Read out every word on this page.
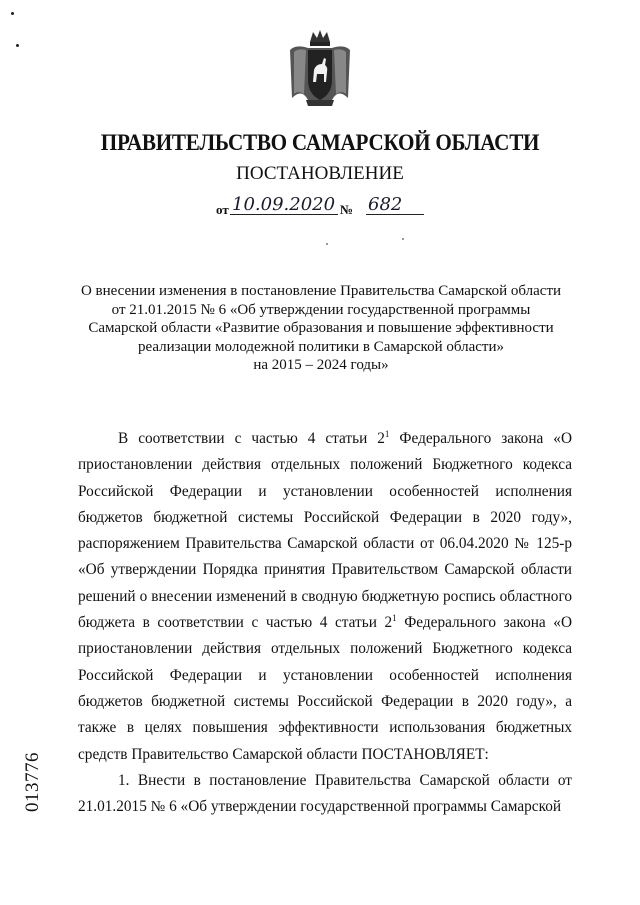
ПРАВИТЕЛЬСТВО САМАРСКОЙ ОБЛАСТИ
ПОСТАНОВЛЕНИЕ
от 10.09.2020 № 682
О внесении изменения в постановление Правительства Самарской области
от 21.01.2015 № 6 «Об утверждении государственной программы
Самарской области «Развитие образования и повышение эффективности
реализации молодежной политики в Самарской области»
на 2015 – 2024 годы»

В соответствии с частью 4 статьи $2^1$ Федерального закона «О приостановлении действия отдельных положений Бюджетного кодекса Российской Федерации и установлении особенностей исполнения бюджетов бюджетной системы Российской Федерации в 2020 году», распоряжением Правительства Самарской области от 06.04.2020 № 125-р «Об утверждении Порядка принятия Правительством Самарской области решений о внесении изменений в сводную бюджетную роспись областного бюджета в соответствии с частью 4 статьи $2^1$ Федерального закона «О приостановлении действия отдельных положений Бюджетного кодекса Российской Федерации и установлении особенностей исполнения бюджетов бюджетной системы Российской Федерации в 2020 году», а также в целях повышения эффективности использования бюджетных средств Правительство Самарской области ПОСТАНОВЛЯЕТ:

1. Внести в постановление Правительства Самарской области от 21.01.2015 № 6 «Об утверждении государственной программы Самарской

013776
